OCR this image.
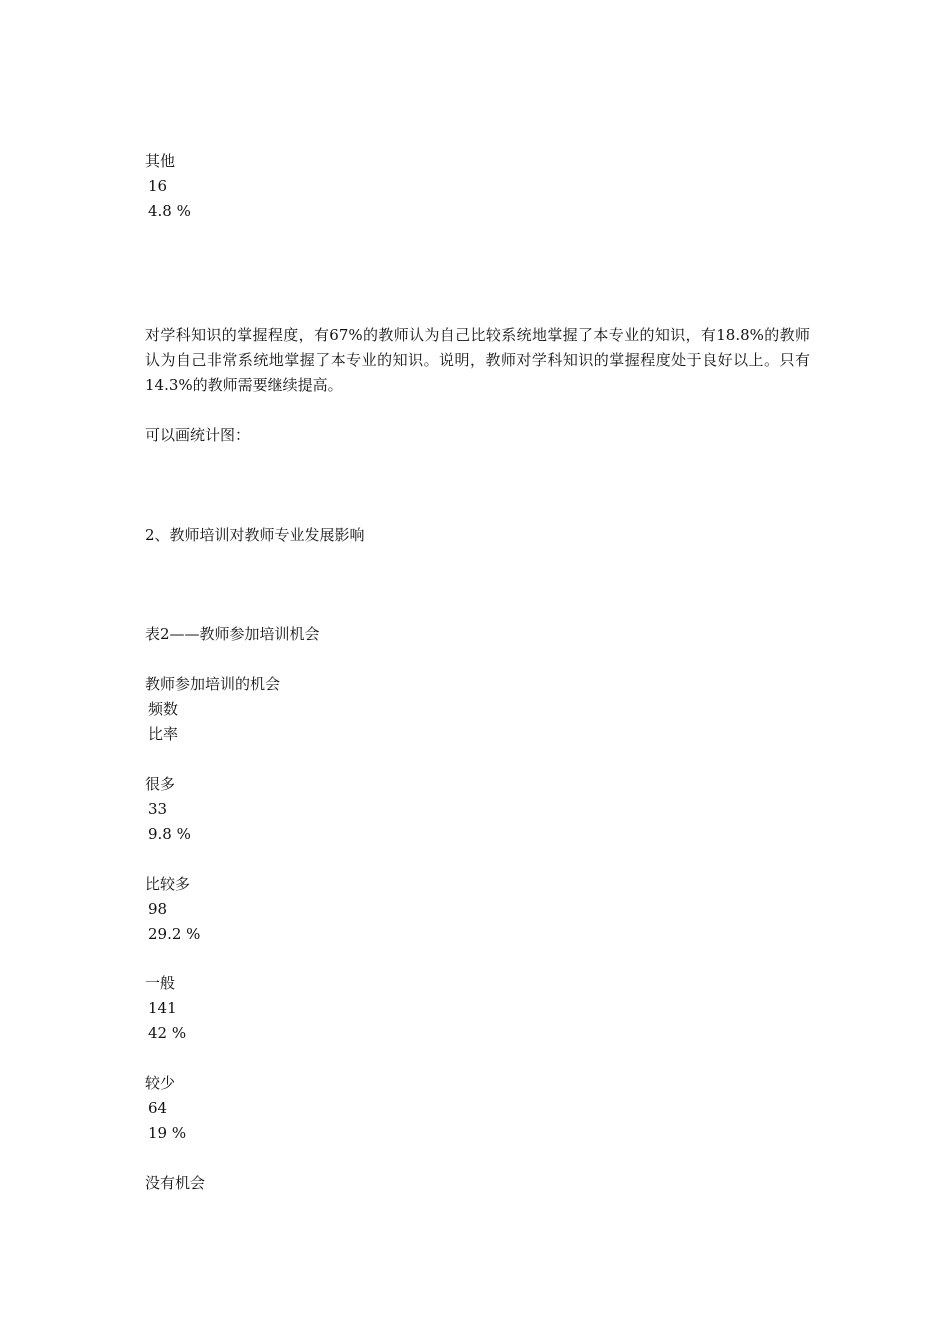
其他
16
4.8 %
对学科知识的掌握程度，有67%的教师认为自己比较系统地掌握了本专业的知识，有18.8%的教师认为自己非常系统地掌握了本专业的知识。说明，教师对学科知识的掌握程度处于良好以上。只有14.3%的教师需要继续提高。
可以画统计图：
2、教师培训对教师专业发展影响
表2——教师参加培训机会
教师参加培训的机会
频数
比率
很多
33
9.8 %
比较多
98
29.2 %
一般
141
42 %
较少
64
19 %
没有机会
